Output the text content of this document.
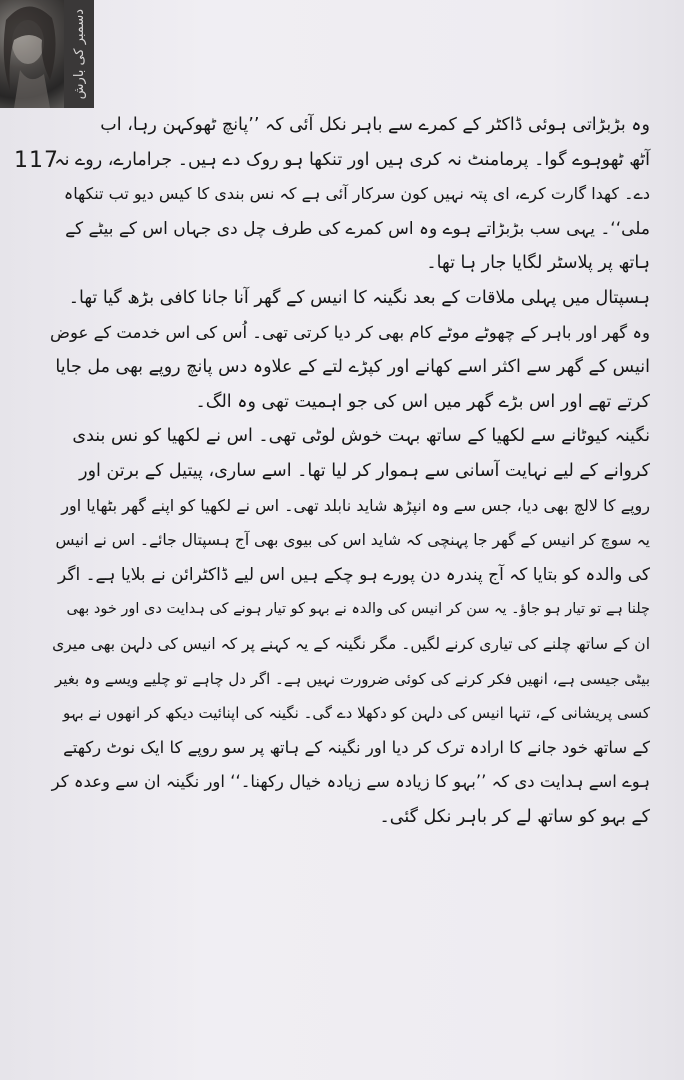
دسمبر کی بارش
117

وہ بڑبڑاتی ہوئی ڈاکٹر کے کمرے سے باہر نکل آئی کہ ’’پانچ ٹھوکہن رہا، اب
آٹھ ٹھوہوے گوا۔ پرمامنٹ نہ کری ہیں اور تنکھا ہو روک دے ہیں۔ جرامارے، روے نہ
دے۔ کھدا گارت کرے، ای پتہ نہیں کون سرکار آئی ہے کہ نس بندی کا کیس دیو تب تنکھاہ
ملی‘‘۔ یہی سب بڑبڑاتے ہوے وہ اس کمرے کی طرف چل دی جہاں اس کے بیٹے کے
ہاتھ پر پلاسٹر لگایا جار ہا تھا۔

ہسپتال میں پہلی ملاقات کے بعد نگینہ کا انیس کے گھر آنا جانا کافی بڑھ گیا تھا۔
وہ گھر اور باہر کے چھوٹے موٹے کام بھی کر دیا کرتی تھی۔ اُس کی اس خدمت کے عوض
انیس کے گھر سے اکثر اسے کھانے اور کپڑے لتے کے علاوہ دس پانچ روپے بھی مل جایا
کرتے تھے اور اس بڑے گھر میں اس کی جو اہمیت تھی وہ الگ۔

نگینہ کیوٹانے سے لکھیا کے ساتھ بہت خوش لوٹی تھی۔ اس نے لکھیا کو نس بندی
کروانے کے لیے نہایت آسانی سے ہموار کر لیا تھا۔ اسے ساری، پیتیل کے برتن اور
روپے کا لالچ بھی دیا، جس سے وہ انپڑھ شاید نابلد تھی۔ اس نے لکھیا کو اپنے گھر بٹھایا اور
یہ سوچ کر انیس کے گھر جا پہنچی کہ شاید اس کی بیوی بھی آج ہسپتال جائے۔ اس نے انیس
کی والدہ کو بتایا کہ آج پندرہ دن پورے ہو چکے ہیں اس لیے ڈاکٹرائن نے بلایا ہے۔ اگر
چلنا ہے تو تیار ہو جاؤ۔ یہ سن کر انیس کی والدہ نے بہو کو تیار ہونے کی ہدایت دی اور خود بھی
ان کے ساتھ چلنے کی تیاری کرنے لگیں۔ مگر نگینہ کے یہ کہنے پر کہ انیس کی دلہن بھی میری
بیٹی جیسی ہے، انھیں فکر کرنے کی کوئی ضرورت نہیں ہے۔ اگر دل چاہے تو چلیے ویسے وہ بغیر
کسی پریشانی کے، تنہا انیس کی دلہن کو دکھلا دے گی۔ نگینہ کی اپنائیت دیکھ کر انھوں نے بہو
کے ساتھ خود جانے کا ارادہ ترک کر دیا اور نگینہ کے ہاتھ پر سو روپے کا ایک نوٹ رکھتے
ہوے اسے ہدایت دی کہ ’’بہو کا زیادہ سے زیادہ خیال رکھنا۔‘‘ اور نگینہ ان سے وعدہ کر
کے بہو کو ساتھ لے کر باہر نکل گئی۔
